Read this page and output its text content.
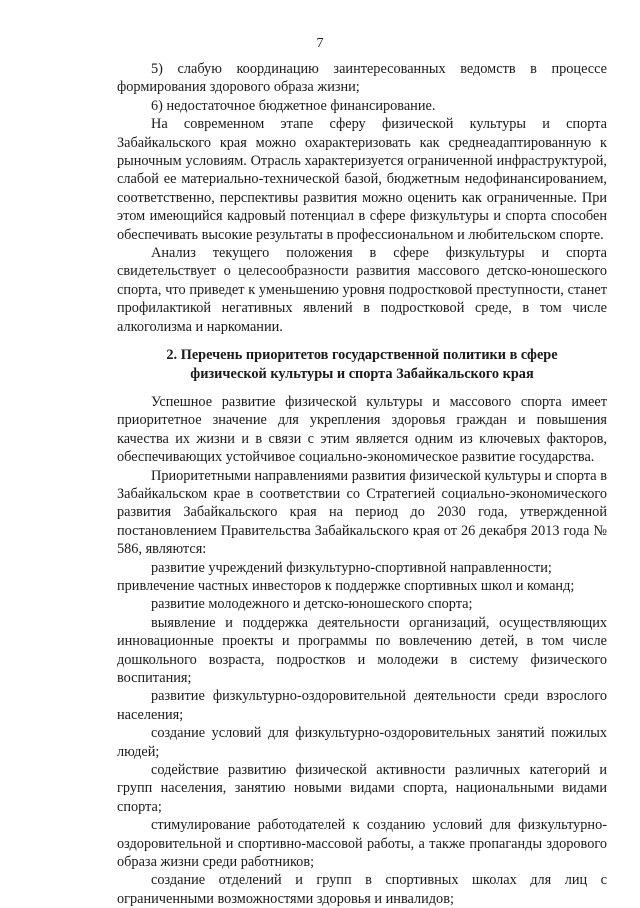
7

5) слабую координацию заинтересованных ведомств в процессе формирования здорового образа жизни;

6) недостаточное бюджетное финансирование.

На современном этапе сферу физической культуры и спорта Забайкальского края можно охарактеризовать как среднеадаптированную к рыночным условиям. Отрасль характеризуется ограниченной инфраструктурой, слабой ее материально-технической базой, бюджетным недофинансированием, соответственно, перспективы развития можно оценить как ограниченные. При этом имеющийся кадровый потенциал в сфере физкультуры и спорта способен обеспечивать высокие результаты в профессиональном и любительском спорте.

Анализ текущего положения в сфере физкультуры и спорта свидетельствует о целесообразности развития массового детско-юношеского спорта, что приведет к уменьшению уровня подростковой преступности, станет профилактикой негативных явлений в подростковой среде, в том числе алкоголизма и наркомании.

2. Перечень приоритетов государственной политики в сфере
физической культуры и спорта Забайкальского края

Успешное развитие физической культуры и массового спорта имеет приоритетное значение для укрепления здоровья граждан и повышения качества их жизни и в связи с этим является одним из ключевых факторов, обеспечивающих устойчивое социально-экономическое развитие государства.

Приоритетными направлениями развития физической культуры и спорта в Забайкальском крае в соответствии со Стратегией социально-экономического развития Забайкальского края на период до 2030 года, утвержденной постановлением Правительства Забайкальского края от 26 декабря 2013 года № 586, являются:

развитие учреждений физкультурно-спортивной направленности;

привлечение частных инвесторов к поддержке спортивных школ и команд;

развитие молодежного и детско-юношеского спорта;

выявление и поддержка деятельности организаций, осуществляющих инновационные проекты и программы по вовлечению детей, в том числе дошкольного возраста, подростков и молодежи в систему физического воспитания;

развитие физкультурно-оздоровительной деятельности среди взрослого населения;

создание условий для физкультурно-оздоровительных занятий пожилых людей;

содействие развитию физической активности различных категорий и групп населения, занятию новыми видами спорта, национальными видами спорта;

стимулирование работодателей к созданию условий для физкультурно-оздоровительной и спортивно-массовой работы, а также пропаганды здорового образа жизни среди работников;

создание отделений и групп в спортивных школах для лиц с ограниченными возможностями здоровья и инвалидов;
